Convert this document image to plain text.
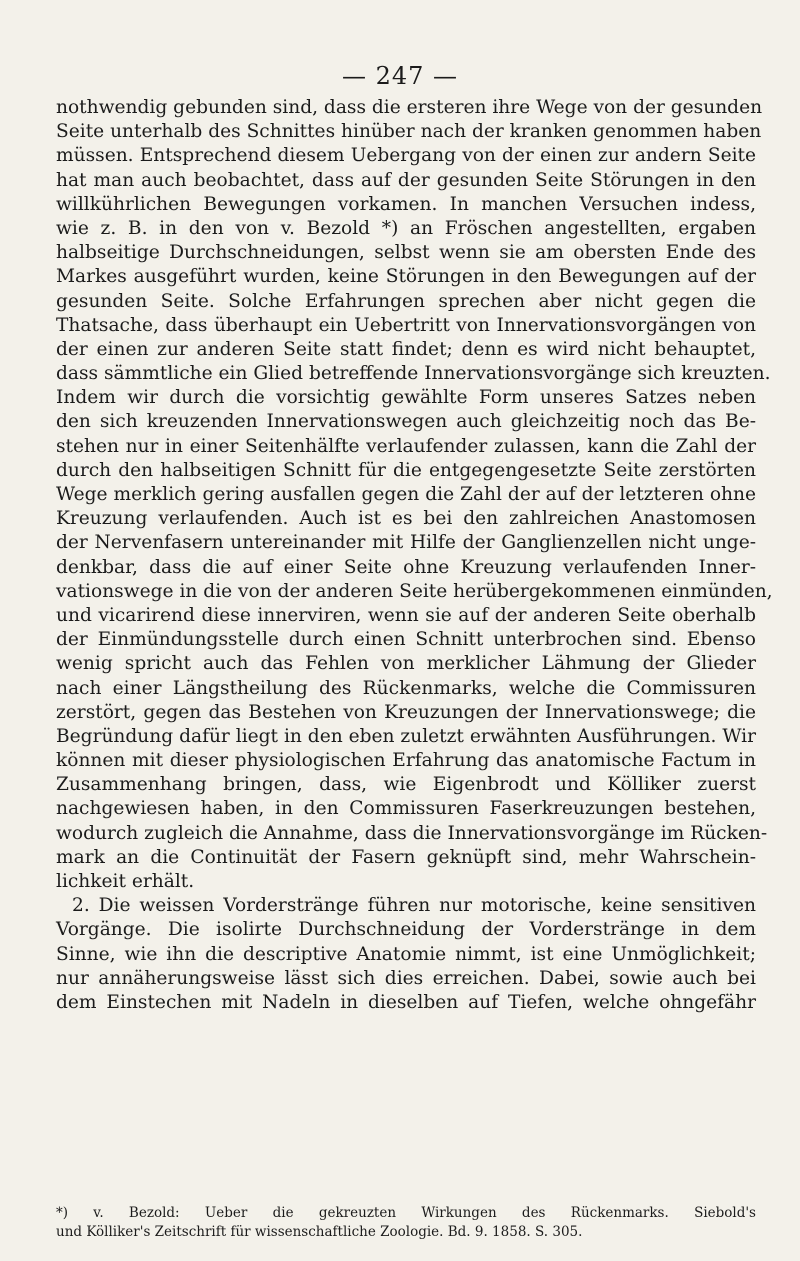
— 247 —
nothwendig gebunden sind, dass die ersteren ihre Wege von der gesunden
Seite unterhalb des Schnittes hinüber nach der kranken genommen haben
müssen. Entsprechend diesem Uebergang von der einen zur andern Seite
hat man auch beobachtet, dass auf der gesunden Seite Störungen in den
willkührlichen Bewegungen vorkamen. In manchen Versuchen indess,
wie z. B. in den von v. Bezold *) an Fröschen angestellten, ergaben
halbseitige Durchschneidungen, selbst wenn sie am obersten Ende des
Markes ausgeführt wurden, keine Störungen in den Bewegungen auf der
gesunden Seite. Solche Erfahrungen sprechen aber nicht gegen die
Thatsache, dass überhaupt ein Uebertritt von Innervationsvorgängen von
der einen zur anderen Seite statt findet; denn es wird nicht behauptet,
dass sämmtliche ein Glied betreffende Innervationsvorgänge sich kreuzten.
Indem wir durch die vorsichtig gewählte Form unseres Satzes neben
den sich kreuzenden Innervationswegen auch gleichzeitig noch das Be-
stehen nur in einer Seitenhälfte verlaufender zulassen, kann die Zahl der
durch den halbseitigen Schnitt für die entgegengesetzte Seite zerstörten
Wege merklich gering ausfallen gegen die Zahl der auf der letzteren ohne
Kreuzung verlaufenden. Auch ist es bei den zahlreichen Anastomosen
der Nervenfasern untereinander mit Hilfe der Ganglienzellen nicht unge-
denkbar, dass die auf einer Seite ohne Kreuzung verlaufenden Inner-
vationswege in die von der anderen Seite herübergekommenen einmünden,
und vicarirend diese innerviren, wenn sie auf der anderen Seite oberhalb
der Einmündungsstelle durch einen Schnitt unterbrochen sind. Ebenso
wenig spricht auch das Fehlen von merklicher Lähmung der Glieder
nach einer Längstheilung des Rückenmarks, welche die Commissuren
zerstört, gegen das Bestehen von Kreuzungen der Innervationswege; die
Begründung dafür liegt in den eben zuletzt erwähnten Ausführungen. Wir
können mit dieser physiologischen Erfahrung das anatomische Factum in
Zusammenhang bringen, dass, wie Eigenbrodt und Kölliker zuerst
nachgewiesen haben, in den Commissuren Faserkreuzungen bestehen,
wodurch zugleich die Annahme, dass die Innervationsvorgänge im Rücken-
mark an die Continuität der Fasern geknüpft sind, mehr Wahrschein-
lichkeit erhält.
2. Die weissen Vorderstränge führen nur motorische, keine sensitiven
Vorgänge. Die isolirte Durchschneidung der Vorderstränge in dem
Sinne, wie ihn die descriptive Anatomie nimmt, ist eine Unmöglichkeit;
nur annäherungsweise lässt sich dies erreichen. Dabei, sowie auch bei
dem Einstechen mit Nadeln in dieselben auf Tiefen, welche ohngefähr
*) v. Bezold: Ueber die gekreuzten Wirkungen des Rückenmarks. Siebold's
und Kölliker's Zeitschrift für wissenschaftliche Zoologie. Bd. 9. 1858. S. 305.
